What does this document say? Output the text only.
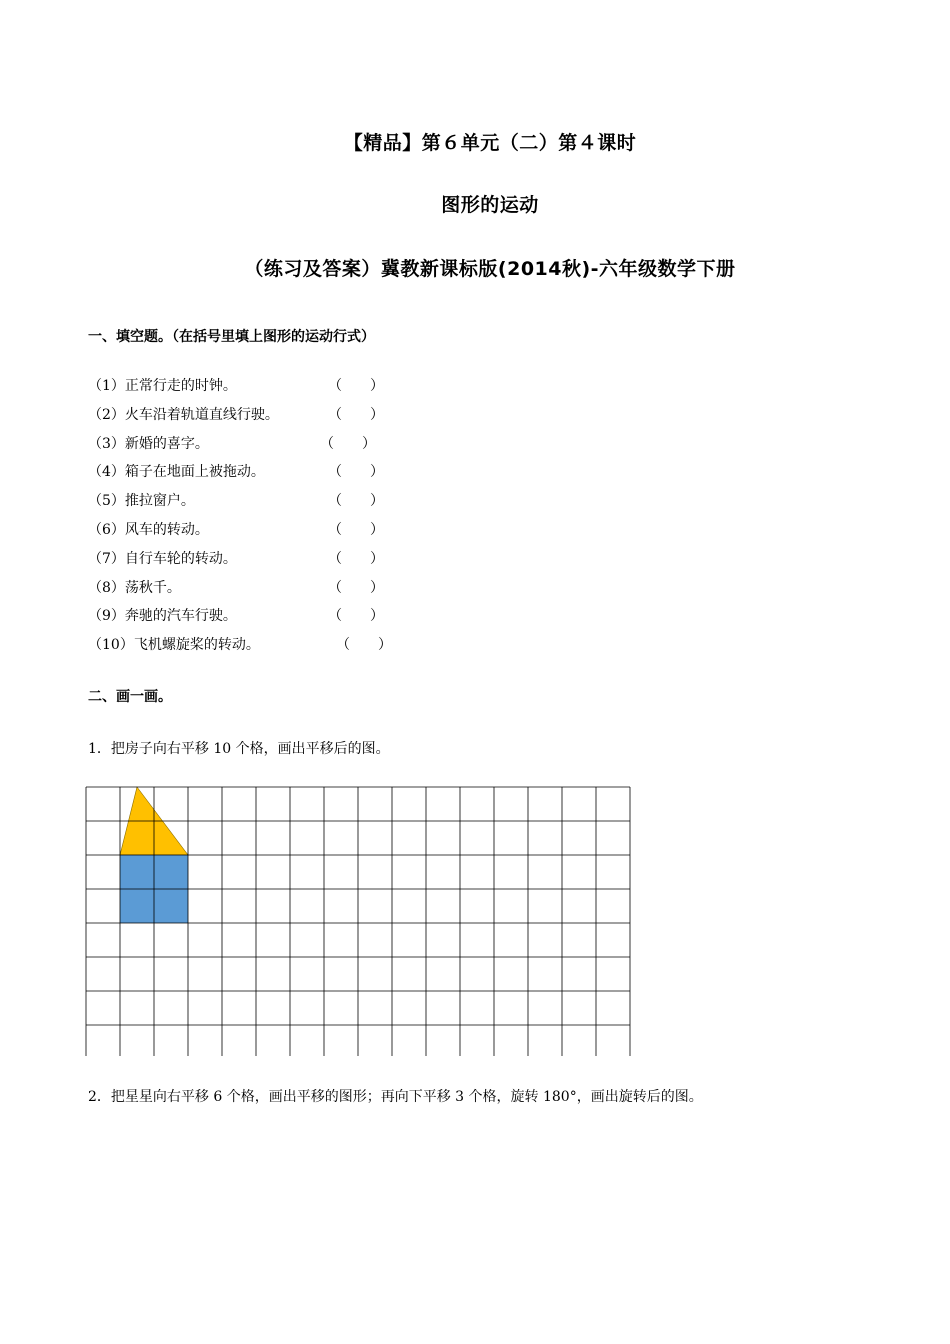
【精品】第６单元（二）第４课时
图形的运动
（练习及答案）冀教新课标版(2014秋)-六年级数学下册
一、填空题。（在括号里填上图形的运动行式）
（1）正常行走的时钟。	（　　）
（2）火车沿着轨道直线行驶。	（　　）
（3）新婚的喜字。	（　　）
（4）箱子在地面上被拖动。	（　　）
（5）推拉窗户。	（　　）
（6）风车的转动。	（　　）
（7）自行车轮的转动。	（　　）
（8）荡秋千。	（　　）
（9）奔驰的汽车行驶。	（　　）
（10）飞机螺旋桨的转动。	（　　）
二、画一画。
1．把房子向右平移 10 个格，画出平移后的图。
2．把星星向右平移 6 个格，画出平移的图形；再向下平移 3 个格，旋转 180°，画出旋转后的图。
